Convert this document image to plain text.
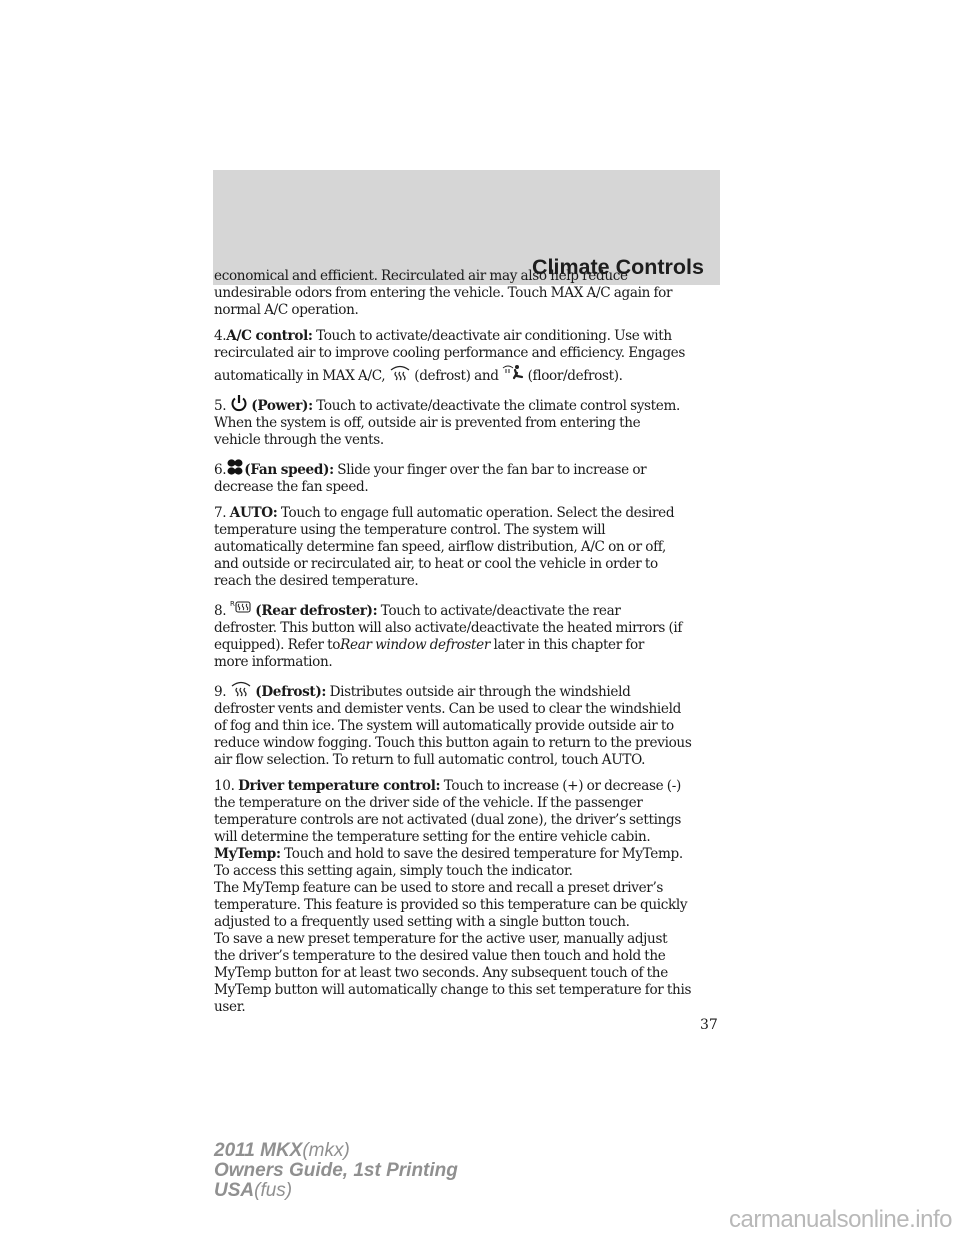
Climate Controls
economical and efficient. Recirculated air may also help reduce
undesirable odors from entering the vehicle. Touch MAX A/C again for
normal A/C operation.
4.A/C control: Touch to activate/deactivate air conditioning. Use with
recirculated air to improve cooling performance and efficiency. Engages
automatically in MAX A/C, (defrost) and (floor/defrost).
5. (Power): Touch to activate/deactivate the climate control system.
When the system is off, outside air is prevented from entering the
vehicle through the vents.
6. (Fan speed): Slide your finger over the fan bar to increase or
decrease the fan speed.
7. AUTO: Touch to engage full automatic operation. Select the desired
temperature using the temperature control. The system will
automatically determine fan speed, airflow distribution, A/C on or off,
and outside or recirculated air, to heat or cool the vehicle in order to
reach the desired temperature.
8. R (Rear defroster): Touch to activate/deactivate the rear
defroster. This button will also activate/deactivate the heated mirrors (if
equipped). Refer toRear window defroster later in this chapter for
more information.
9. (Defrost): Distributes outside air through the windshield
defroster vents and demister vents. Can be used to clear the windshield
of fog and thin ice. The system will automatically provide outside air to
reduce window fogging. Touch this button again to return to the previous
air flow selection. To return to full automatic control, touch AUTO.
10. Driver temperature control: Touch to increase (+) or decrease (-)
the temperature on the driver side of the vehicle. If the passenger
temperature controls are not activated (dual zone), the driver’s settings
will determine the temperature setting for the entire vehicle cabin.
MyTemp: Touch and hold to save the desired temperature for MyTemp.
To access this setting again, simply touch the indicator.
The MyTemp feature can be used to store and recall a preset driver’s
temperature. This feature is provided so this temperature can be quickly
adjusted to a frequently used setting with a single button touch.
To save a new preset temperature for the active user, manually adjust
the driver’s temperature to the desired value then touch and hold the
MyTemp button for at least two seconds. Any subsequent touch of the
MyTemp button will automatically change to this set temperature for this
user.
37
2011 MKX(mkx)
Owners Guide, 1st Printing
USA(fus)
carmanualsonline.info
